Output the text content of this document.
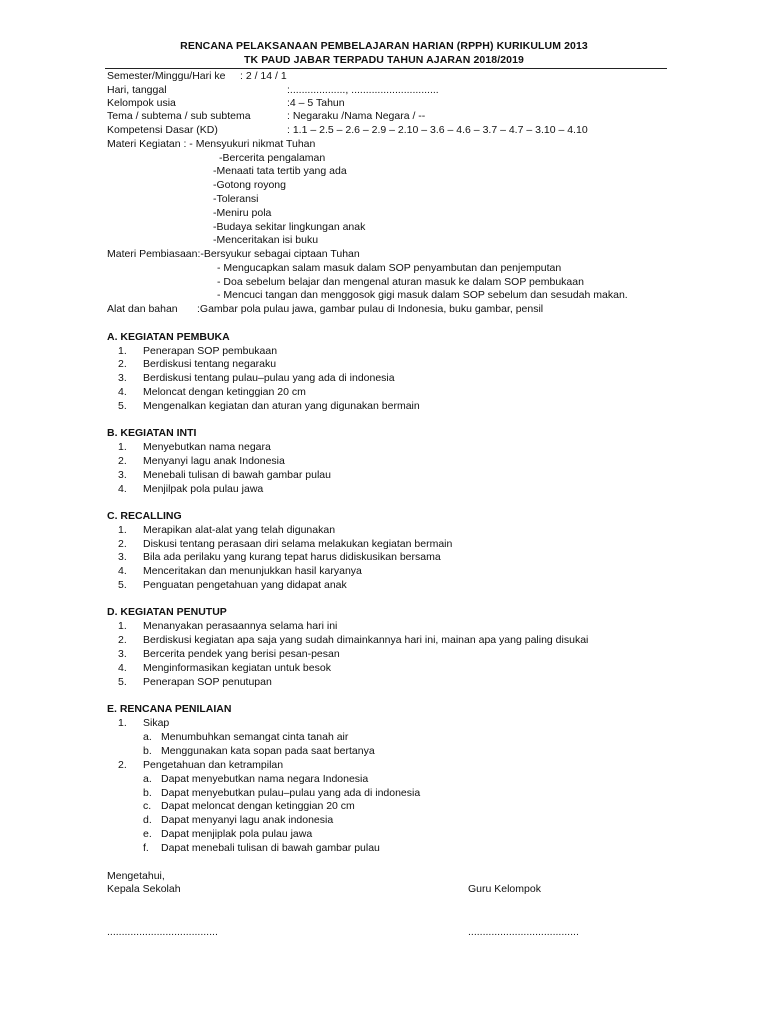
RENCANA PELAKSANAAN PEMBELAJARAN HARIAN (RPPH) KURIKULUM 2013
TK PAUD JABAR TERPADU TAHUN AJARAN 2018/2019
Semester/Minggu/Hari ke : 2 / 14 / 1
Hari, tanggal	:..................., ..............................
Kelompok usia	:4 – 5 Tahun
Tema / subtema / sub subtema	: Negaraku /Nama Negara / --
Kompetensi Dasar (KD)	: 1.1 – 2.5 – 2.6 – 2.9 – 2.10 – 3.6 – 4.6 – 3.7 – 4.7 – 3.10 – 4.10
Materi Kegiatan : - Mensyukuri nikmat Tuhan
-Bercerita pengalaman
-Menaati tata tertib yang ada
-Gotong royong
-Toleransi
-Meniru pola
-Budaya sekitar lingkungan anak
-Menceritakan isi buku
Materi Pembiasaan:-Bersyukur sebagai ciptaan Tuhan
- Mengucapkan salam masuk dalam SOP penyambutan dan penjemputan
- Doa sebelum belajar dan mengenal aturan masuk ke dalam SOP pembukaan
- Mencuci tangan dan menggosok gigi masuk dalam SOP sebelum dan sesudah makan.
Alat dan bahan :Gambar pola pulau jawa, gambar pulau di Indonesia, buku gambar, pensil
A. KEGIATAN PEMBUKA
1. Penerapan SOP pembukaan
2. Berdiskusi tentang negaraku
3. Berdiskusi tentang pulau–pulau yang ada di indonesia
4. Meloncat dengan ketinggian 20 cm
5. Mengenalkan kegiatan dan aturan yang digunakan bermain
B. KEGIATAN INTI
1. Menyebutkan nama negara
2. Menyanyi lagu anak Indonesia
3. Menebali tulisan di bawah gambar pulau
4. Menjilpak pola pulau jawa
C. RECALLING
1. Merapikan alat-alat yang telah digunakan
2. Diskusi tentang perasaan diri selama melakukan kegiatan bermain
3. Bila ada perilaku yang kurang tepat harus didiskusikan bersama
4. Menceritakan dan menunjukkan hasil karyanya
5. Penguatan pengetahuan yang didapat anak
D. KEGIATAN PENUTUP
1. Menanyakan perasaannya selama hari ini
2. Berdiskusi kegiatan apa saja yang sudah dimainkannya hari ini, mainan apa yang paling disukai
3. Bercerita pendek yang berisi pesan-pesan
4. Menginformasikan kegiatan untuk besok
5. Penerapan SOP penutupan
E. RENCANA PENILAIAN
1. Sikap
a. Menumbuhkan semangat cinta tanah air
b. Menggunakan kata sopan pada saat bertanya
2. Pengetahuan dan ketrampilan
a. Dapat menyebutkan nama negara Indonesia
b. Dapat menyebutkan pulau–pulau yang ada di indonesia
c. Dapat meloncat dengan ketinggian 20 cm
d. Dapat menyanyi lagu anak indonesia
e. Dapat menjiplak pola pulau jawa
f. Dapat menebali tulisan di bawah gambar pulau
Mengetahui,
Kepala Sekolah	Guru Kelompok
......................................	......................................
